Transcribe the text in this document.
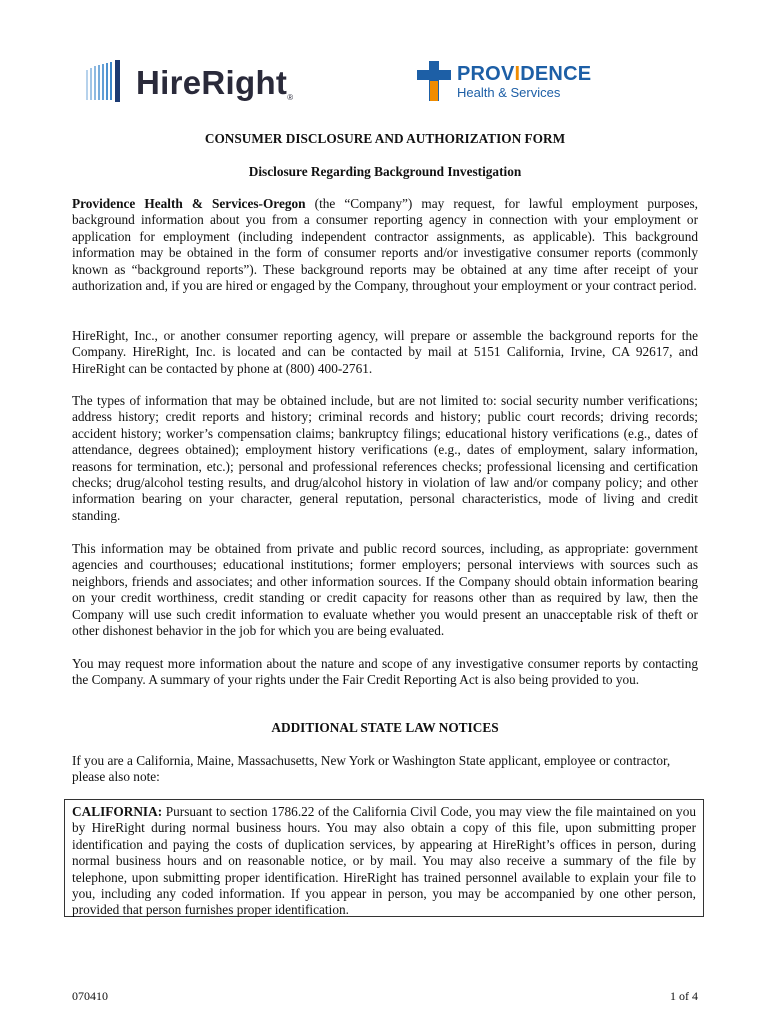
HireRight®
PROVIDENCE
Health & Services
CONSUMER DISCLOSURE AND AUTHORIZATION FORM
Disclosure Regarding Background Investigation

Providence Health & Services-Oregon (the “Company”) may request, for lawful employment purposes, background information about you from a consumer reporting agency in connection with your employment or application for employment (including independent contractor assignments, as applicable). This background information may be obtained in the form of consumer reports and/or investigative consumer reports (commonly known as “background reports”). These background reports may be obtained at any time after receipt of your authorization and, if you are hired or engaged by the Company, throughout your employment or your contract period.

HireRight, Inc., or another consumer reporting agency, will prepare or assemble the background reports for the Company. HireRight, Inc. is located and can be contacted by mail at 5151 California, Irvine, CA 92617, and HireRight can be contacted by phone at (800) 400-2761.

The types of information that may be obtained include, but are not limited to: social security number verifications; address history; credit reports and history; criminal records and history; public court records; driving records; accident history; worker’s compensation claims; bankruptcy filings; educational history verifications (e.g., dates of attendance, degrees obtained); employment history verifications (e.g., dates of employment, salary information, reasons for termination, etc.); personal and professional references checks; professional licensing and certification checks; drug/alcohol testing results, and drug/alcohol history in violation of law and/or company policy; and other information bearing on your character, general reputation, personal characteristics, mode of living and credit standing.

This information may be obtained from private and public record sources, including, as appropriate: government agencies and courthouses; educational institutions; former employers; personal interviews with sources such as neighbors, friends and associates; and other information sources. If the Company should obtain information bearing on your credit worthiness, credit standing or credit capacity for reasons other than as required by law, then the Company will use such credit information to evaluate whether you would present an unacceptable risk of theft or other dishonest behavior in the job for which you are being evaluated.

You may request more information about the nature and scope of any investigative consumer reports by contacting the Company. A summary of your rights under the Fair Credit Reporting Act is also being provided to you.

ADDITIONAL STATE LAW NOTICES

If you are a California, Maine, Massachusetts, New York or Washington State applicant, employee or contractor, please also note:

CALIFORNIA: Pursuant to section 1786.22 of the California Civil Code, you may view the file maintained on you by HireRight during normal business hours. You may also obtain a copy of this file, upon submitting proper identification and paying the costs of duplication services, by appearing at HireRight’s offices in person, during normal business hours and on reasonable notice, or by mail. You may also receive a summary of the file by telephone, upon submitting proper identification. HireRight has trained personnel available to explain your file to you, including any coded information. If you appear in person, you may be accompanied by one other person, provided that person furnishes proper identification.
070410	1 of 4
